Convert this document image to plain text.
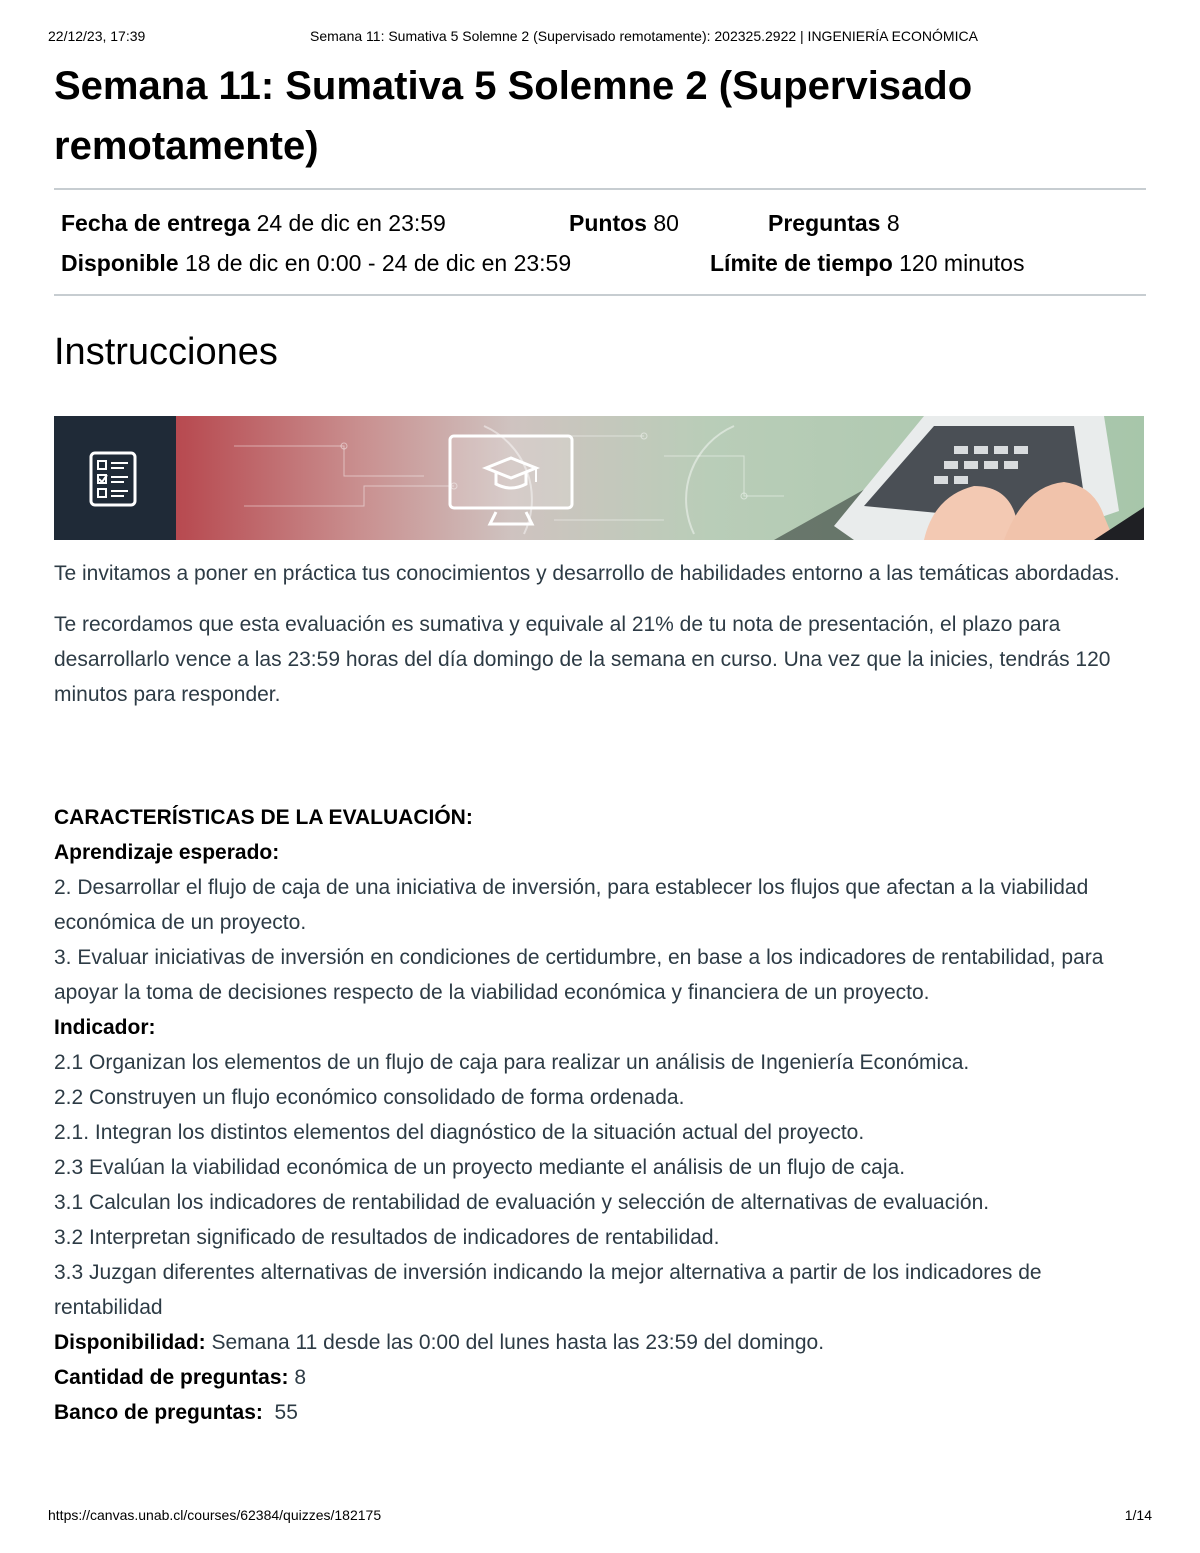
22/12/23, 17:39	Semana 11: Sumativa 5 Solemne 2 (Supervisado remotamente): 202325.2922 | INGENIERÍA ECONÓMICA
Semana 11: Sumativa 5 Solemne 2 (Supervisado remotamente)
Fecha de entrega 24 de dic en 23:59	Puntos 80	Preguntas 8
Disponible 18 de dic en 0:00 - 24 de dic en 23:59	Límite de tiempo 120 minutos
Instrucciones

Te invitamos a poner en práctica tus conocimientos y desarrollo de habilidades entorno a las temáticas abordadas.

Te recordamos que esta evaluación es sumativa y equivale al 21% de tu nota de presentación, el plazo para desarrollarlo vence a las 23:59 horas del día domingo de la semana en curso. Una vez que la inicies, tendrás 120 minutos para responder.

CARACTERÍSTICAS DE LA EVALUACIÓN:

Aprendizaje esperado:

2. Desarrollar el flujo de caja de una iniciativa de inversión, para establecer los flujos que afectan a la viabilidad económica de un proyecto.

3. Evaluar iniciativas de inversión en condiciones de certidumbre, en base a los indicadores de rentabilidad, para apoyar la toma de decisiones respecto de la viabilidad económica y financiera de un proyecto.

Indicador:

2.1 Organizan los elementos de un flujo de caja para realizar un análisis de Ingeniería Económica.

2.2 Construyen un flujo económico consolidado de forma ordenada.

2.1. Integran los distintos elementos del diagnóstico de la situación actual del proyecto.

2.3 Evalúan la viabilidad económica de un proyecto mediante el análisis de un flujo de caja.

3.1 Calculan los indicadores de rentabilidad de evaluación y selección de alternativas de evaluación.

3.2 Interpretan significado de resultados de indicadores de rentabilidad.

3.3 Juzgan diferentes alternativas de inversión indicando la mejor alternativa a partir de los indicadores de rentabilidad

Disponibilidad: Semana 11 desde las 0:00 del lunes hasta las 23:59 del domingo.

Cantidad de preguntas: 8

Banco de preguntas:  55

https://canvas.unab.cl/courses/62384/quizzes/182175	1/14
